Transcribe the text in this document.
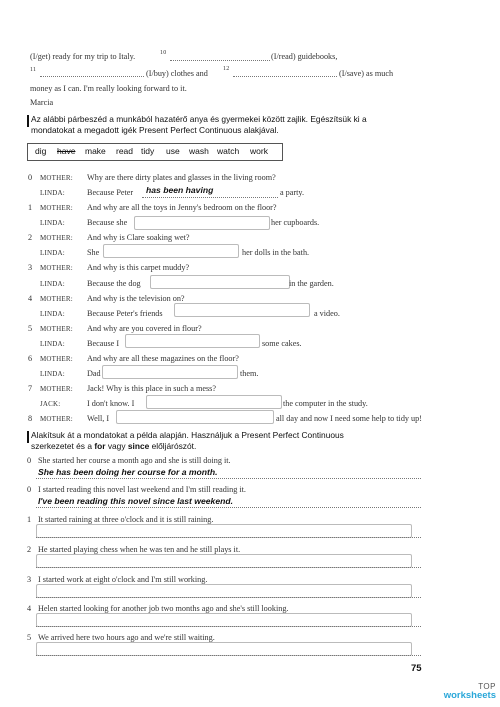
(I/get) ready for my trip to Italy.	10	(I/read) guidebooks,
11	(I/buy) clothes and	12	(I/save) as much
money as I can. I'm really looking forward to it.
Marcia
Az alábbi párbeszéd a munkából hazatérő anya és gyermekei között zajlik. Egészítsük ki a
mondatokat a megadott igék Present Perfect Continuous alakjával.
dig have make read tidy use wash watch work
0 MOTHER: Why are there dirty plates and glasses in the living room?
LINDA:	Because Peter has been having	a party.
1 MOTHER: And why are all the toys in Jenny's bedroom on the floor?
LINDA:	Because she	her cupboards.
2 MOTHER: And why is Clare soaking wet?
LINDA:	She	her dolls in the bath.
3 MOTHER: And why is this carpet muddy?
LINDA:	Because the dog	in the garden.
4 MOTHER: And why is the television on?
LINDA:	Because Peter's friends	a video.
5 MOTHER: And why are you covered in flour?
LINDA:	Because I	some cakes.
6 MOTHER: And why are all these magazines on the floor?
LINDA:	Dad	them.
7 MOTHER: Jack! Why is this place in such a mess?
JACK:	I don't know. I	the computer in the study.
8 MOTHER: Well, I	all day and now I need some help to tidy up!
Alakítsuk át a mondatokat a példa alapján. Használjuk a Present Perfect Continuous
szerkezetet és a for vagy since előljárószót.
0 She started her course a month ago and she is still doing it.
She has been doing her course for a month.
0 I started reading this novel last weekend and I'm still reading it.
I've been reading this novel since last weekend.
1 It started raining at three o'clock and it is still raining.
2 He started playing chess when he was ten and he still plays it.
3 I started work at eight o'clock and I'm still working.
4 Helen started looking for another job two months ago and she's still looking.
5 We arrived here two hours ago and we're still waiting.
75
TOP
worksheets
